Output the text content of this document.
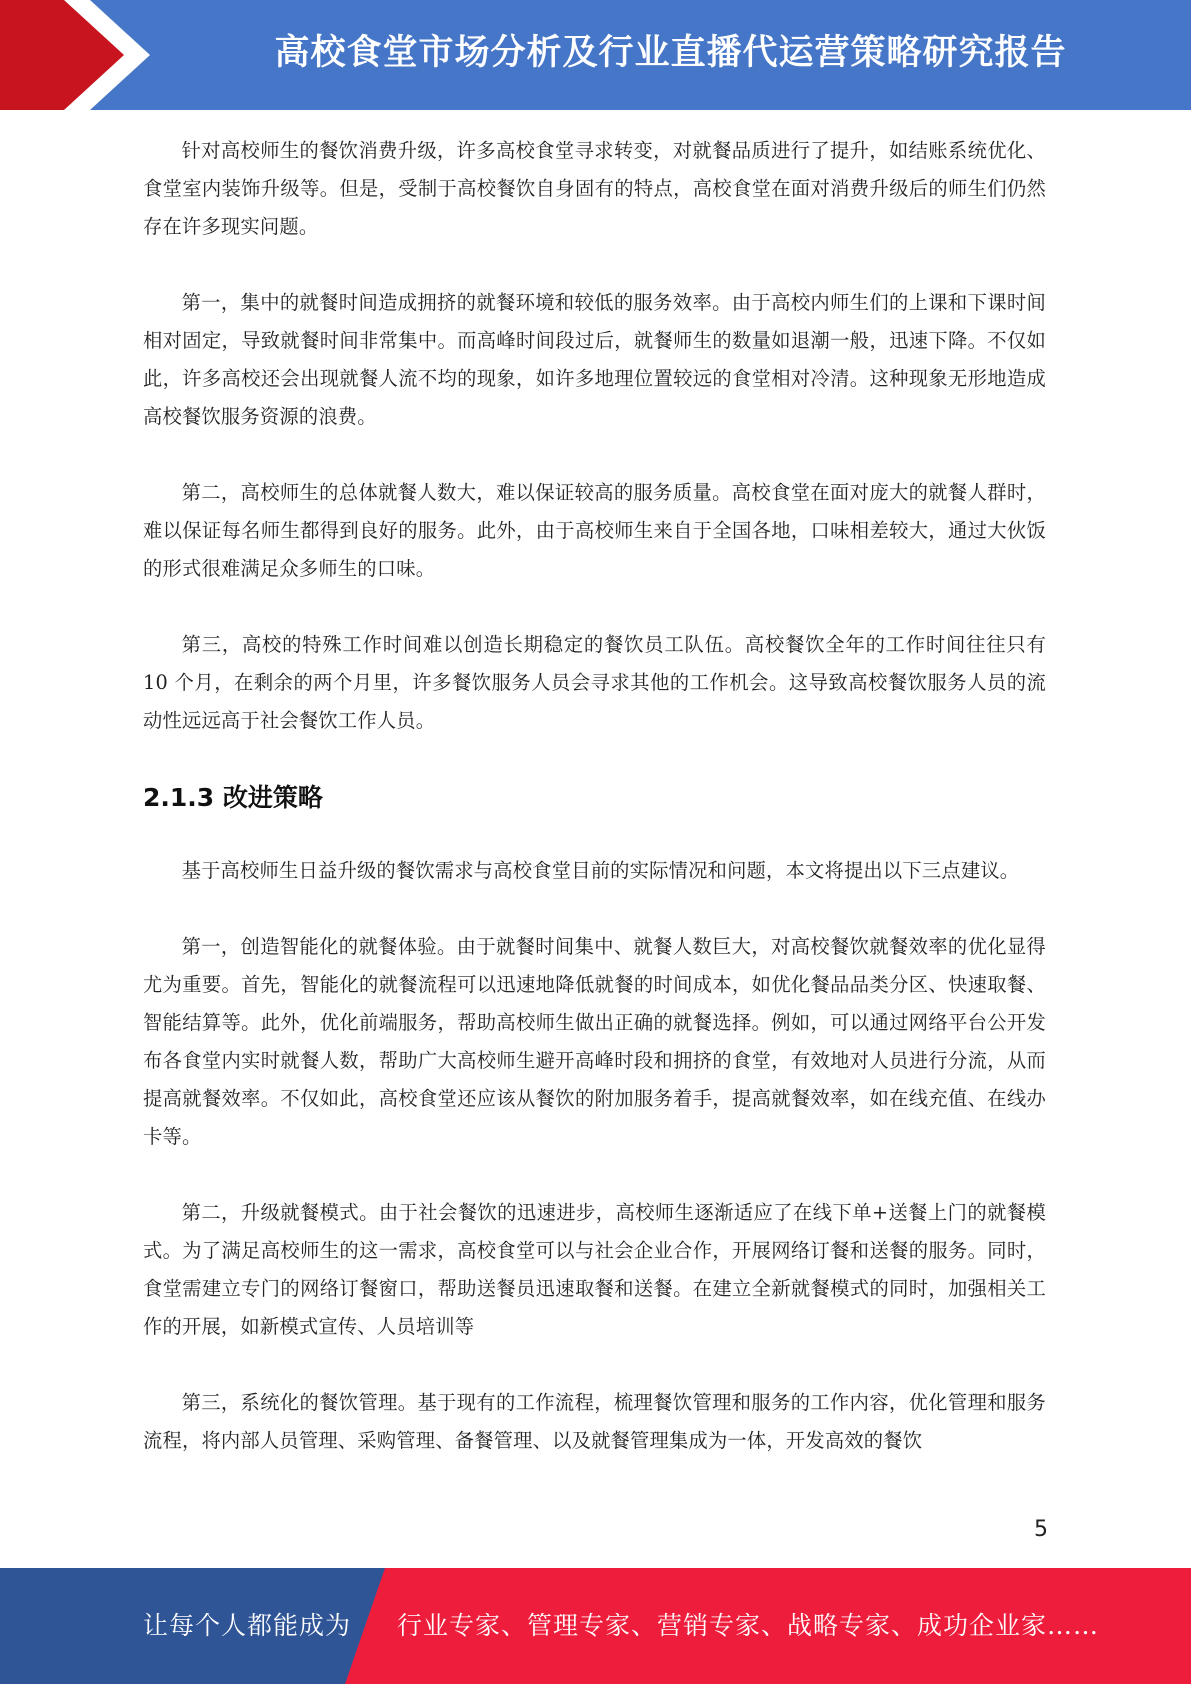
高校食堂市场分析及行业直播代运营策略研究报告

针对高校师生的餐饮消费升级，许多高校食堂寻求转变，对就餐品质进行了提升，如结账系统优化、食堂室内装饰升级等。但是，受制于高校餐饮自身固有的特点，高校食堂在面对消费升级后的师生们仍然存在许多现实问题。

第一，集中的就餐时间造成拥挤的就餐环境和较低的服务效率。由于高校内师生们的上课和下课时间相对固定，导致就餐时间非常集中。而高峰时间段过后，就餐师生的数量如退潮一般，迅速下降。不仅如此，许多高校还会出现就餐人流不均的现象，如许多地理位置较远的食堂相对冷清。这种现象无形地造成高校餐饮服务资源的浪费。

第二，高校师生的总体就餐人数大，难以保证较高的服务质量。高校食堂在面对庞大的就餐人群时，难以保证每名师生都得到良好的服务。此外，由于高校师生来自于全国各地，口味相差较大，通过大伙饭的形式很难满足众多师生的口味。

第三，高校的特殊工作时间难以创造长期稳定的餐饮员工队伍。高校餐饮全年的工作时间往往只有 10 个月，在剩余的两个月里，许多餐饮服务人员会寻求其他的工作机会。这导致高校餐饮服务人员的流动性远远高于社会餐饮工作人员。

2.1.3 改进策略

基于高校师生日益升级的餐饮需求与高校食堂目前的实际情况和问题，本文将提出以下三点建议。

第一，创造智能化的就餐体验。由于就餐时间集中、就餐人数巨大，对高校餐饮就餐效率的优化显得尤为重要。首先，智能化的就餐流程可以迅速地降低就餐的时间成本，如优化餐品品类分区、快速取餐、智能结算等。此外，优化前端服务，帮助高校师生做出正确的就餐选择。例如，可以通过网络平台公开发布各食堂内实时就餐人数，帮助广大高校师生避开高峰时段和拥挤的食堂，有效地对人员进行分流，从而提高就餐效率。不仅如此，高校食堂还应该从餐饮的附加服务着手，提高就餐效率，如在线充值、在线办卡等。

第二，升级就餐模式。由于社会餐饮的迅速进步，高校师生逐渐适应了在线下单+送餐上门的就餐模式。为了满足高校师生的这一需求，高校食堂可以与社会企业合作，开展网络订餐和送餐的服务。同时，食堂需建立专门的网络订餐窗口，帮助送餐员迅速取餐和送餐。在建立全新就餐模式的同时，加强相关工作的开展，如新模式宣传、人员培训等

第三，系统化的餐饮管理。基于现有的工作流程，梳理餐饮管理和服务的工作内容，优化管理和服务流程，将内部人员管理、采购管理、备餐管理、以及就餐管理集成为一体，开发高效的餐饮

5
让每个人都能成为 行业专家、管理专家、营销专家、战略专家、成功企业家……
